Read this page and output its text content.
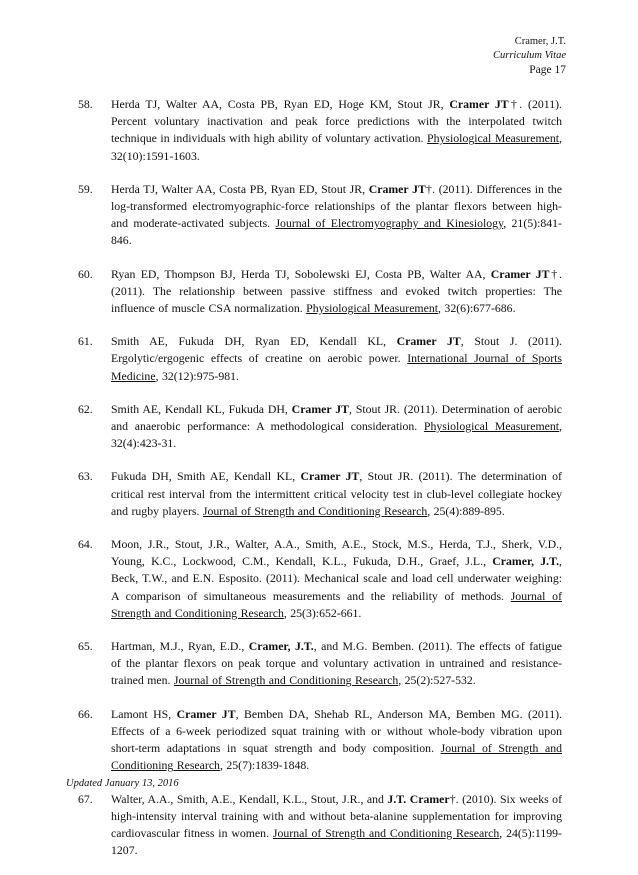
Cramer, J.T.
Curriculum Vitae
Page 17
58. Herda TJ, Walter AA, Costa PB, Ryan ED, Hoge KM, Stout JR, Cramer JT†. (2011). Percent voluntary inactivation and peak force predictions with the interpolated twitch technique in individuals with high ability of voluntary activation. Physiological Measurement, 32(10):1591-1603.
59. Herda TJ, Walter AA, Costa PB, Ryan ED, Stout JR, Cramer JT†. (2011). Differences in the log-transformed electromyographic-force relationships of the plantar flexors between high- and moderate-activated subjects. Journal of Electromyography and Kinesiology, 21(5):841-846.
60. Ryan ED, Thompson BJ, Herda TJ, Sobolewski EJ, Costa PB, Walter AA, Cramer JT†. (2011). The relationship between passive stiffness and evoked twitch properties: The influence of muscle CSA normalization. Physiological Measurement, 32(6):677-686.
61. Smith AE, Fukuda DH, Ryan ED, Kendall KL, Cramer JT, Stout J. (2011). Ergolytic/ergogenic effects of creatine on aerobic power. International Journal of Sports Medicine, 32(12):975-981.
62. Smith AE, Kendall KL, Fukuda DH, Cramer JT, Stout JR. (2011). Determination of aerobic and anaerobic performance: A methodological consideration. Physiological Measurement, 32(4):423-31.
63. Fukuda DH, Smith AE, Kendall KL, Cramer JT, Stout JR. (2011). The determination of critical rest interval from the intermittent critical velocity test in club-level collegiate hockey and rugby players. Journal of Strength and Conditioning Research, 25(4):889-895.
64. Moon, J.R., Stout, J.R., Walter, A.A., Smith, A.E., Stock, M.S., Herda, T.J., Sherk, V.D., Young, K.C., Lockwood, C.M., Kendall, K.L., Fukuda, D.H., Graef, J.L., Cramer, J.T., Beck, T.W., and E.N. Esposito. (2011). Mechanical scale and load cell underwater weighing: A comparison of simultaneous measurements and the reliability of methods. Journal of Strength and Conditioning Research, 25(3):652-661.
65. Hartman, M.J., Ryan, E.D., Cramer, J.T., and M.G. Bemben. (2011). The effects of fatigue of the plantar flexors on peak torque and voluntary activation in untrained and resistance-trained men. Journal of Strength and Conditioning Research, 25(2):527-532.
66. Lamont HS, Cramer JT, Bemben DA, Shehab RL, Anderson MA, Bemben MG. (2011). Effects of a 6-week periodized squat training with or without whole-body vibration upon short-term adaptations in squat strength and body composition. Journal of Strength and Conditioning Research, 25(7):1839-1848.
67. Walter, A.A., Smith, A.E., Kendall, K.L., Stout, J.R., and J.T. Cramer†. (2010). Six weeks of high-intensity interval training with and without beta-alanine supplementation for improving cardiovascular fitness in women. Journal of Strength and Conditioning Research, 24(5):1199-1207.
Updated January 13, 2016
